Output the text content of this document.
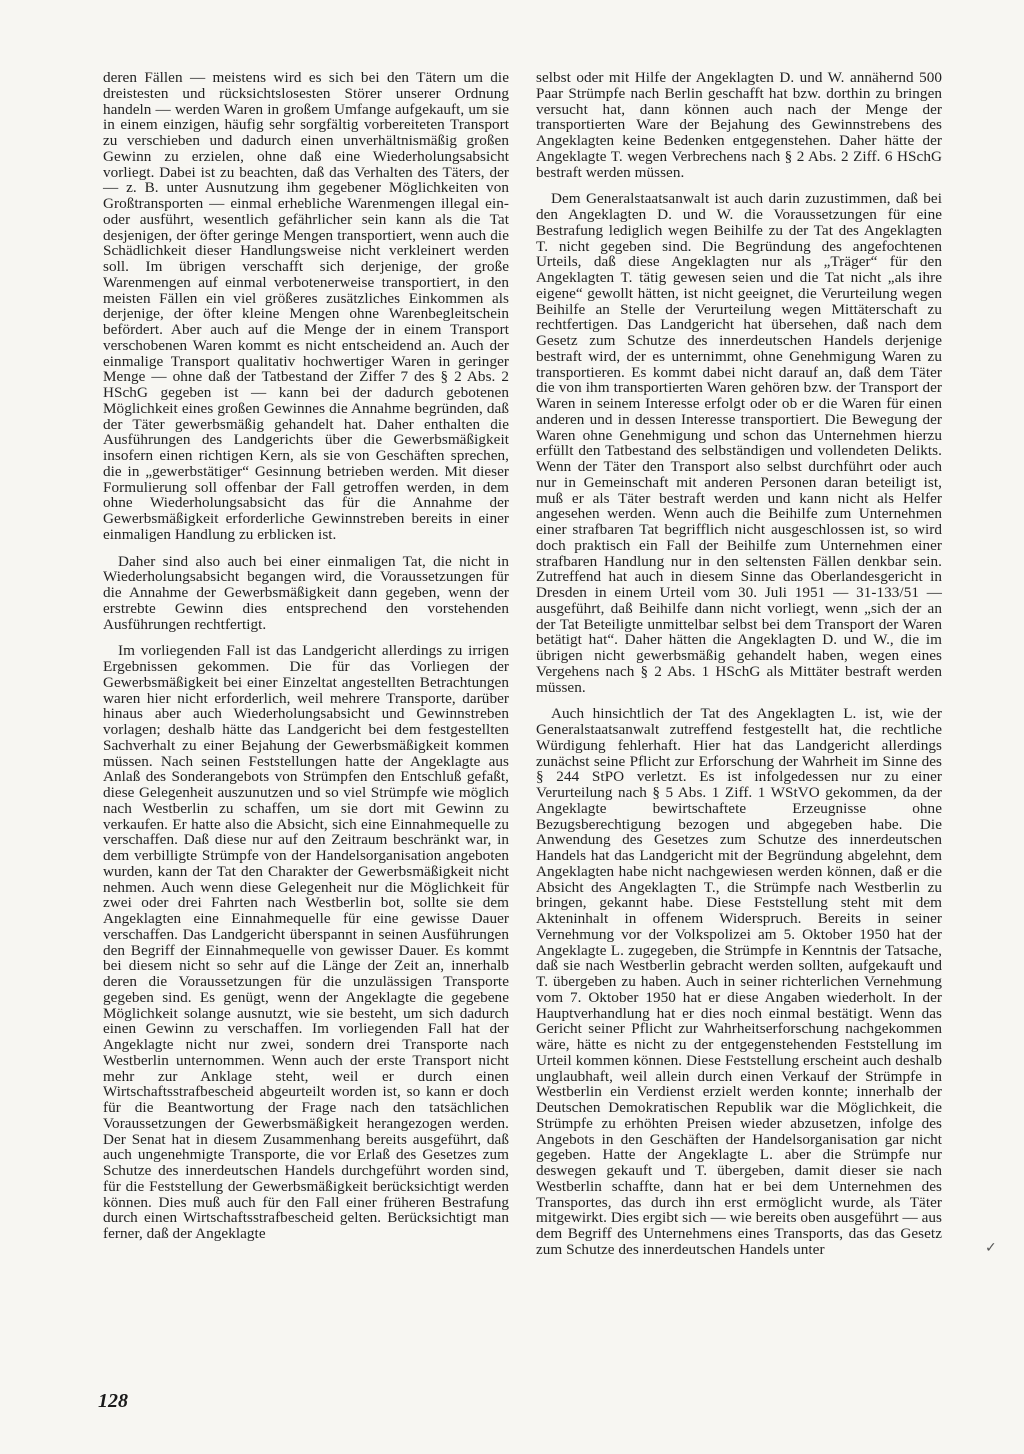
deren Fällen — meistens wird es sich bei den Tätern um die dreistesten und rücksichtslosesten Störer unserer Ordnung handeln — werden Waren in großem Umfange aufgekauft, um sie in einem einzigen, häufig sehr sorgfältig vorbereiteten Transport zu verschieben und dadurch einen unverhältnismäßig großen Gewinn zu erzielen, ohne daß eine Wiederholungsabsicht vorliegt. Dabei ist zu beachten, daß das Verhalten des Täters, der — z. B. unter Ausnutzung ihm gegebener Möglichkeiten von Großtransporten — einmal erhebliche Warenmengen illegal ein- oder ausführt, wesentlich gefährlicher sein kann als die Tat desjenigen, der öfter geringe Mengen transportiert, wenn auch die Schädlichkeit dieser Handlungsweise nicht verkleinert werden soll. Im übrigen verschafft sich derjenige, der große Warenmengen auf einmal verbotenerweise transportiert, in den meisten Fällen ein viel größeres zusätzliches Einkommen als derjenige, der öfter kleine Mengen ohne Warenbegleitschein befördert. Aber auch auf die Menge der in einem Transport verschobenen Waren kommt es nicht entscheidend an. Auch der einmalige Transport qualitativ hochwertiger Waren in geringer Menge — ohne daß der Tatbestand der Ziffer 7 des § 2 Abs. 2 HSchG gegeben ist — kann bei der dadurch gebotenen Möglichkeit eines großen Gewinnes die Annahme begründen, daß der Täter gewerbsmäßig gehandelt hat. Daher enthalten die Ausführungen des Landgerichts über die Gewerbsmäßigkeit insofern einen richtigen Kern, als sie von Geschäften sprechen, die in „gewerbstätiger“ Gesinnung betrieben werden. Mit dieser Formulierung soll offenbar der Fall getroffen werden, in dem ohne Wiederholungsabsicht das für die Annahme der Gewerbsmäßigkeit erforderliche Gewinnstreben bereits in einer einmaligen Handlung zu erblicken ist.

Daher sind also auch bei einer einmaligen Tat, die nicht in Wiederholungsabsicht begangen wird, die Voraussetzungen für die Annahme der Gewerbsmäßigkeit dann gegeben, wenn der erstrebte Gewinn dies entsprechend den vorstehenden Ausführungen rechtfertigt.

Im vorliegenden Fall ist das Landgericht allerdings zu irrigen Ergebnissen gekommen. Die für das Vorliegen der Gewerbsmäßigkeit bei einer Einzeltat angestellten Betrachtungen waren hier nicht erforderlich, weil mehrere Transporte, darüber hinaus aber auch Wiederholungsabsicht und Gewinnstreben vorlagen; deshalb hätte das Landgericht bei dem festgestellten Sachverhalt zu einer Bejahung der Gewerbsmäßigkeit kommen müssen. Nach seinen Feststellungen hatte der Angeklagte aus Anlaß des Sonderangebots von Strümpfen den Entschluß gefaßt, diese Gelegenheit auszunutzen und so viel Strümpfe wie möglich nach Westberlin zu schaffen, um sie dort mit Gewinn zu verkaufen. Er hatte also die Absicht, sich eine Einnahmequelle zu verschaffen. Daß diese nur auf den Zeitraum beschränkt war, in dem verbilligte Strümpfe von der Handelsorganisation angeboten wurden, kann der Tat den Charakter der Gewerbsmäßigkeit nicht nehmen. Auch wenn diese Gelegenheit nur die Möglichkeit für zwei oder drei Fahrten nach Westberlin bot, sollte sie dem Angeklagten eine Einnahmequelle für eine gewisse Dauer verschaffen. Das Landgericht überspannt in seinen Ausführungen den Begriff der Einnahmequelle von gewisser Dauer. Es kommt bei diesem nicht so sehr auf die Länge der Zeit an, innerhalb deren die Voraussetzungen für die unzulässigen Transporte gegeben sind. Es genügt, wenn der Angeklagte die gegebene Möglichkeit solange ausnutzt, wie sie besteht, um sich dadurch einen Gewinn zu verschaffen. Im vorliegenden Fall hat der Angeklagte nicht nur zwei, sondern drei Transporte nach Westberlin unternommen. Wenn auch der erste Transport nicht mehr zur Anklage steht, weil er durch einen Wirtschaftsstrafbescheid abgeurteilt worden ist, so kann er doch für die Beantwortung der Frage nach den tatsächlichen Voraussetzungen der Gewerbsmäßigkeit herangezogen werden. Der Senat hat in diesem Zusammenhang bereits ausgeführt, daß auch ungenehmigte Transporte, die vor Erlaß des Gesetzes zum Schutze des innerdeutschen Handels durchgeführt worden sind, für die Feststellung der Gewerbsmäßigkeit berücksichtigt werden können. Dies muß auch für den Fall einer früheren Bestrafung durch einen Wirtschaftsstrafbescheid gelten. Berücksichtigt man ferner, daß der Angeklagte

selbst oder mit Hilfe der Angeklagten D. und W. annähernd 500 Paar Strümpfe nach Berlin geschafft hat bzw. dorthin zu bringen versucht hat, dann können auch nach der Menge der transportierten Ware der Bejahung des Gewinnstrebens des Angeklagten keine Bedenken entgegenstehen. Daher hätte der Angeklagte T. wegen Verbrechens nach § 2 Abs. 2 Ziff. 6 HSchG bestraft werden müssen.

Dem Generalstaatsanwalt ist auch darin zuzustimmen, daß bei den Angeklagten D. und W. die Voraussetzungen für eine Bestrafung lediglich wegen Beihilfe zu der Tat des Angeklagten T. nicht gegeben sind. Die Begründung des angefochtenen Urteils, daß diese Angeklagten nur als „Träger“ für den Angeklagten T. tätig gewesen seien und die Tat nicht „als ihre eigene“ gewollt hätten, ist nicht geeignet, die Verurteilung wegen Beihilfe an Stelle der Verurteilung wegen Mittäterschaft zu rechtfertigen. Das Landgericht hat übersehen, daß nach dem Gesetz zum Schutze des innerdeutschen Handels derjenige bestraft wird, der es unternimmt, ohne Genehmigung Waren zu transportieren. Es kommt dabei nicht darauf an, daß dem Täter die von ihm transportierten Waren gehören bzw. der Transport der Waren in seinem Interesse erfolgt oder ob er die Waren für einen anderen und in dessen Interesse transportiert. Die Bewegung der Waren ohne Genehmigung und schon das Unternehmen hierzu erfüllt den Tatbestand des selbständigen und vollendeten Delikts. Wenn der Täter den Transport also selbst durchführt oder auch nur in Gemeinschaft mit anderen Personen daran beteiligt ist, muß er als Täter bestraft werden und kann nicht als Helfer angesehen werden. Wenn auch die Beihilfe zum Unternehmen einer strafbaren Tat begrifflich nicht ausgeschlossen ist, so wird doch praktisch ein Fall der Beihilfe zum Unternehmen einer strafbaren Handlung nur in den seltensten Fällen denkbar sein. Zutreffend hat auch in diesem Sinne das Oberlandesgericht in Dresden in einem Urteil vom 30. Juli 1951 — 31-133/51 — ausgeführt, daß Beihilfe dann nicht vorliegt, wenn „sich der an der Tat Beteiligte unmittelbar selbst bei dem Transport der Waren betätigt hat“. Daher hätten die Angeklagten D. und W., die im übrigen nicht gewerbsmäßig gehandelt haben, wegen eines Vergehens nach § 2 Abs. 1 HSchG als Mittäter bestraft werden müssen.

Auch hinsichtlich der Tat des Angeklagten L. ist, wie der Generalstaatsanwalt zutreffend festgestellt hat, die rechtliche Würdigung fehlerhaft. Hier hat das Landgericht allerdings zunächst seine Pflicht zur Erforschung der Wahrheit im Sinne des § 244 StPO verletzt. Es ist infolgedessen nur zu einer Verurteilung nach § 5 Abs. 1 Ziff. 1 WStVO gekommen, da der Angeklagte bewirtschaftete Erzeugnisse ohne Bezugsberechtigung bezogen und abgegeben habe. Die Anwendung des Gesetzes zum Schutze des innerdeutschen Handels hat das Landgericht mit der Begründung abgelehnt, dem Angeklagten habe nicht nachgewiesen werden können, daß er die Absicht des Angeklagten T., die Strümpfe nach Westberlin zu bringen, gekannt habe. Diese Feststellung steht mit dem Akteninhalt in offenem Widerspruch. Bereits in seiner Vernehmung vor der Volkspolizei am 5. Oktober 1950 hat der Angeklagte L. zugegeben, die Strümpfe in Kenntnis der Tatsache, daß sie nach Westberlin gebracht werden sollten, aufgekauft und T. übergeben zu haben. Auch in seiner richterlichen Vernehmung vom 7. Oktober 1950 hat er diese Angaben wiederholt. In der Hauptverhandlung hat er dies noch einmal bestätigt. Wenn das Gericht seiner Pflicht zur Wahrheitserforschung nachgekommen wäre, hätte es nicht zu der entgegenstehenden Feststellung im Urteil kommen können. Diese Feststellung erscheint auch deshalb unglaubhaft, weil allein durch einen Verkauf der Strümpfe in Westberlin ein Verdienst erzielt werden konnte; innerhalb der Deutschen Demokratischen Republik war die Möglichkeit, die Strümpfe zu erhöhten Preisen wieder abzusetzen, infolge des Angebots in den Geschäften der Handelsorganisation gar nicht gegeben. Hatte der Angeklagte L. aber die Strümpfe nur deswegen gekauft und T. übergeben, damit dieser sie nach Westberlin schaffte, dann hat er bei dem Unternehmen des Transportes, das durch ihn erst ermöglicht wurde, als Täter mitgewirkt. Dies ergibt sich — wie bereits oben ausgeführt — aus dem Begriff des Unternehmens eines Transports, das das Gesetz zum Schutze des innerdeutschen Handels unter

128
✓
